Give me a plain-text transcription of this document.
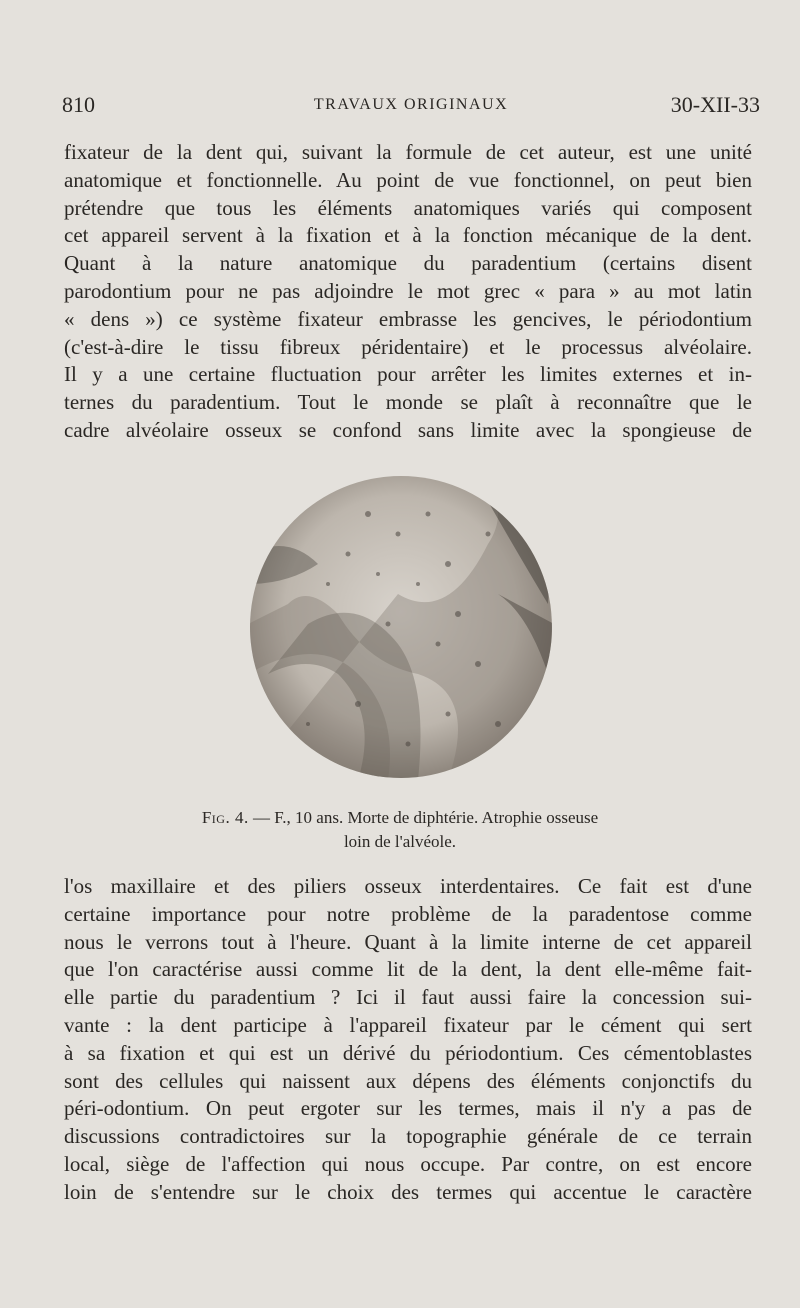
810	TRAVAUX ORIGINAUX	30-XII-33
fixateur de la dent qui, suivant la formule de cet auteur, est une unité
anatomique et fonctionnelle. Au point de vue fonctionnel, on peut bien
prétendre que tous les éléments anatomiques variés qui composent
cet appareil servent à la fixation et à la fonction mécanique de la dent.
Quant à la nature anatomique du paradentium (certains disent
parodontium pour ne pas adjoindre le mot grec « para » au mot latin
« dens ») ce système fixateur embrasse les gencives, le périodontium
(c'est-à-dire le tissu fibreux péridentaire) et le processus alvéolaire.
Il y a une certaine fluctuation pour arrêter les limites externes et in-
ternes du paradentium. Tout le monde se plaît à reconnaître que le
cadre alvéolaire osseux se confond sans limite avec la spongieuse de
Fig. 4. — F., 10 ans. Morte de diphtérie. Atrophie osseuse
loin de l'alvéole.
l'os maxillaire et des piliers osseux interdentaires. Ce fait est d'une
certaine importance pour notre problème de la paradentose comme
nous le verrons tout à l'heure. Quant à la limite interne de cet appareil
que l'on caractérise aussi comme lit de la dent, la dent elle-même fait-
elle partie du paradentium ? Ici il faut aussi faire la concession sui-
vante : la dent participe à l'appareil fixateur par le cément qui sert
à sa fixation et qui est un dérivé du périodontium. Ces cémentoblastes
sont des cellules qui naissent aux dépens des éléments conjonctifs du
péri-odontium. On peut ergoter sur les termes, mais il n'y a pas de
discussions contradictoires sur la topographie générale de ce terrain
local, siège de l'affection qui nous occupe. Par contre, on est encore
loin de s'entendre sur le choix des termes qui accentue le caractère
